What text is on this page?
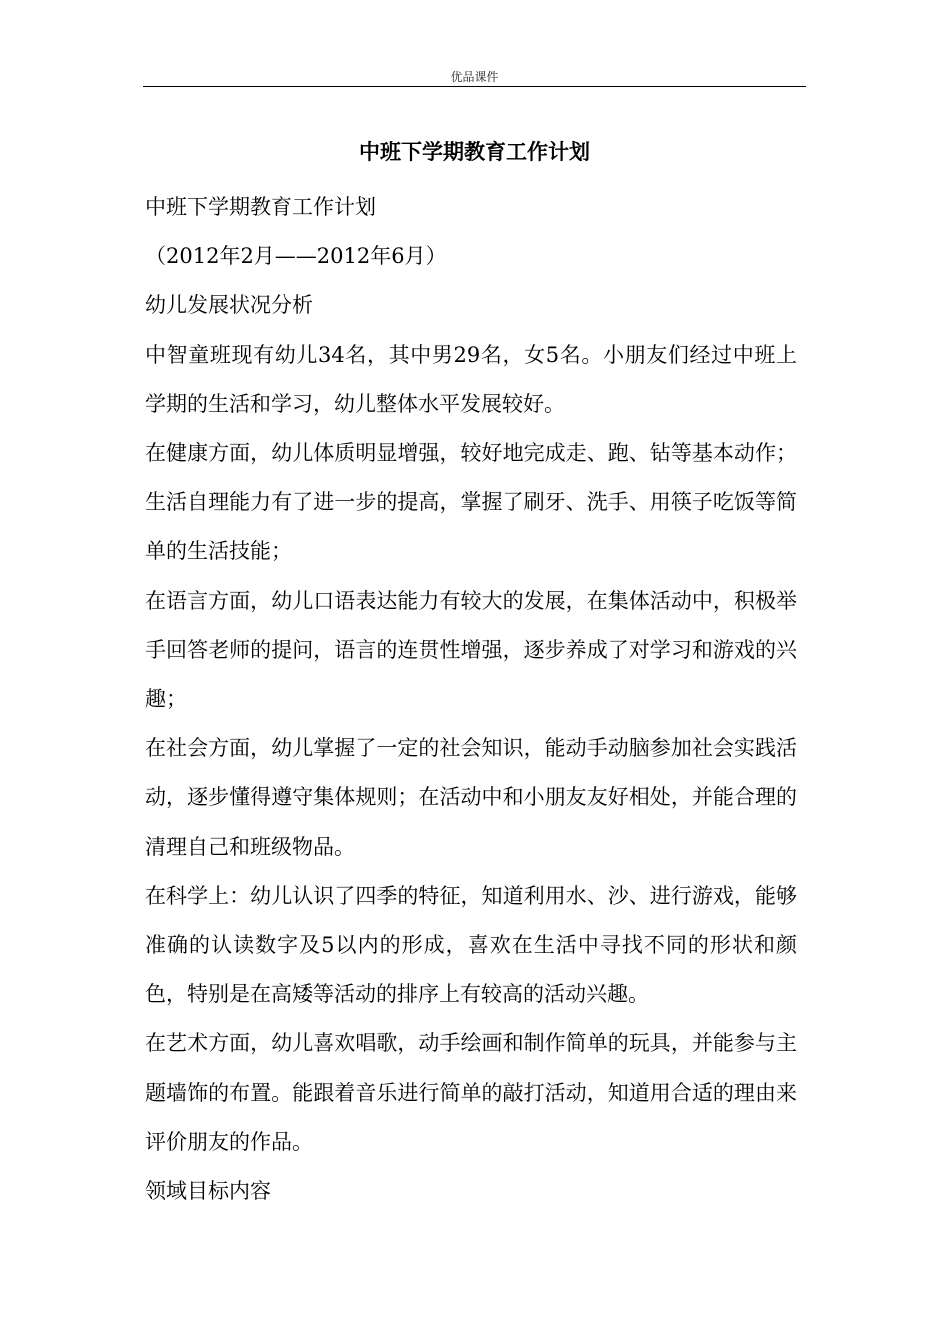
优品课件
中班下学期教育工作计划

中班下学期教育工作计划

（2012年2月——2012年6月）

幼儿发展状况分析

中智童班现有幼儿34名，其中男29名，女5名。小朋友们经过中班上学期的生活和学习，幼儿整体水平发展较好。

在健康方面，幼儿体质明显增强，较好地完成走、跑、钻等基本动作；生活自理能力有了进一步的提高，掌握了刷牙、洗手、用筷子吃饭等简单的生活技能；

在语言方面，幼儿口语表达能力有较大的发展，在集体活动中，积极举手回答老师的提问，语言的连贯性增强，逐步养成了对学习和游戏的兴趣；

在社会方面，幼儿掌握了一定的社会知识，能动手动脑参加社会实践活动，逐步懂得遵守集体规则；在活动中和小朋友友好相处，并能合理的清理自己和班级物品。

在科学上：幼儿认识了四季的特征，知道利用水、沙、进行游戏，能够准确的认读数字及5以内的形成，喜欢在生活中寻找不同的形状和颜色，特别是在高矮等活动的排序上有较高的活动兴趣。

在艺术方面，幼儿喜欢唱歌，动手绘画和制作简单的玩具，并能参与主题墙饰的布置。能跟着音乐进行简单的敲打活动，知道用合适的理由来评价朋友的作品。

领域目标内容
